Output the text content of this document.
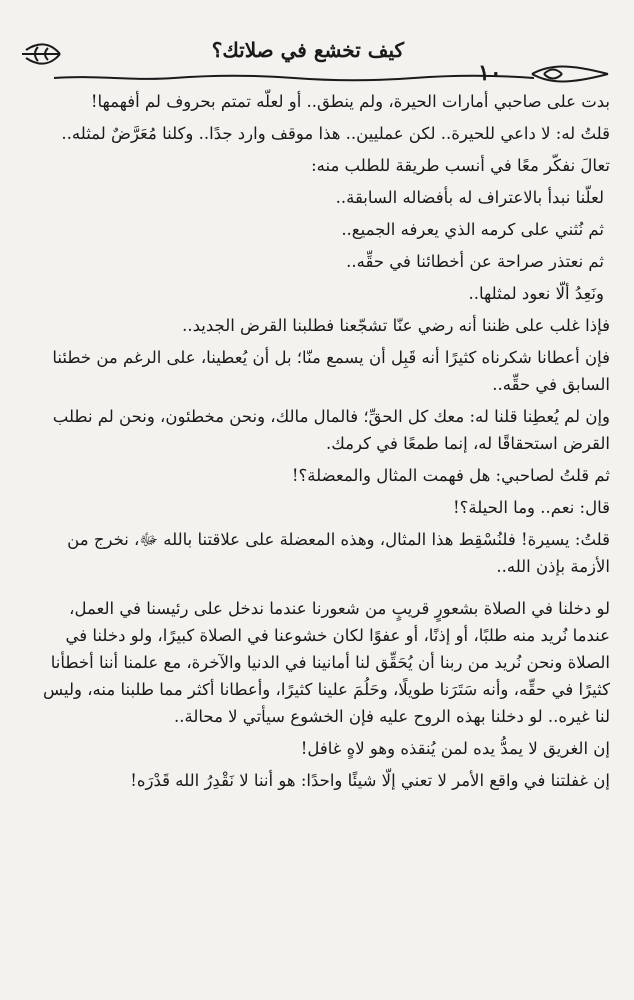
كيف تخشع في صلاتك؟
١٠

بدت على صاحبي أمارات الحيرة، ولم ينطق.. أو لعلّه تمتم بحروف لم أفهمها!

قلتُ له: لا داعي للحيرة.. لكن عمليين.. هذا موقف وارد جدًا.. وكلنا مُعَرَّضٌ لمثله..

تعالَ نفكّر معًا في أنسب طريقة للطلب منه:

لعلّنا نبدأ بالاعتراف له بأفضاله السابقة..

ثم نُثني على كرمه الذي يعرفه الجميع..

ثم نعتذر صراحة عن أخطائنا في حقِّه..

ونَعِدُ ألّا نعود لمثلها..

فإذا غلب على ظننا أنه رضي عنّا تشجّعنا فطلبنا القرض الجديد..

فإن أعطانا شكرناه كثيرًا أنه قَبِل أن يسمع منّا؛ بل أن يُعطينا، على الرغم من خطئنا السابق في حقِّه..

وإن لم يُعطِنا قلنا له: معك كل الحقِّ؛ فالمال مالك، ونحن مخطئون، ونحن لم نطلب القرض استحقاقًا له، إنما طمعًا في كرمك.

ثم قلتُ لصاحبي: هل فهمت المثال والمعضلة؟!

قال: نعم.. وما الحيلة؟!

قلتُ: يسيرة! فلنُسْقِط هذا المثال، وهذه المعضلة على علاقتنا بالله ﷻ، نخرج من الأزمة بإذن الله..

لو دخلنا في الصلاة بشعورٍ قريبٍ من شعورنا عندما ندخل على رئيسنا في العمل، عندما نُريد منه طلبًا، أو إذنًا، أو عفوًا لكان خشوعنا في الصلاة كبيرًا، ولو دخلنا في الصلاة ونحن نُريد من ربنا أن يُحَقِّق لنا أمانينا في الدنيا والآخرة، مع علمنا أننا أخطأنا كثيرًا في حقِّه، وأنه سَتَرَنا طويلًا، وحَلُمَ علينا كثيرًا، وأعطانا أكثر مما طلبنا منه، وليس لنا غيره.. لو دخلنا بهذه الروح عليه فإن الخشوع سيأتي لا محالة..

إن الغريق لا يمدُّ يده لمن يُنقذه وهو لاهٍ غافل!

إن غفلتنا في واقع الأمر لا تعني إلّا شيئًا واحدًا: هو أننا لا نَقْدِرُ الله قَدْرَه!
